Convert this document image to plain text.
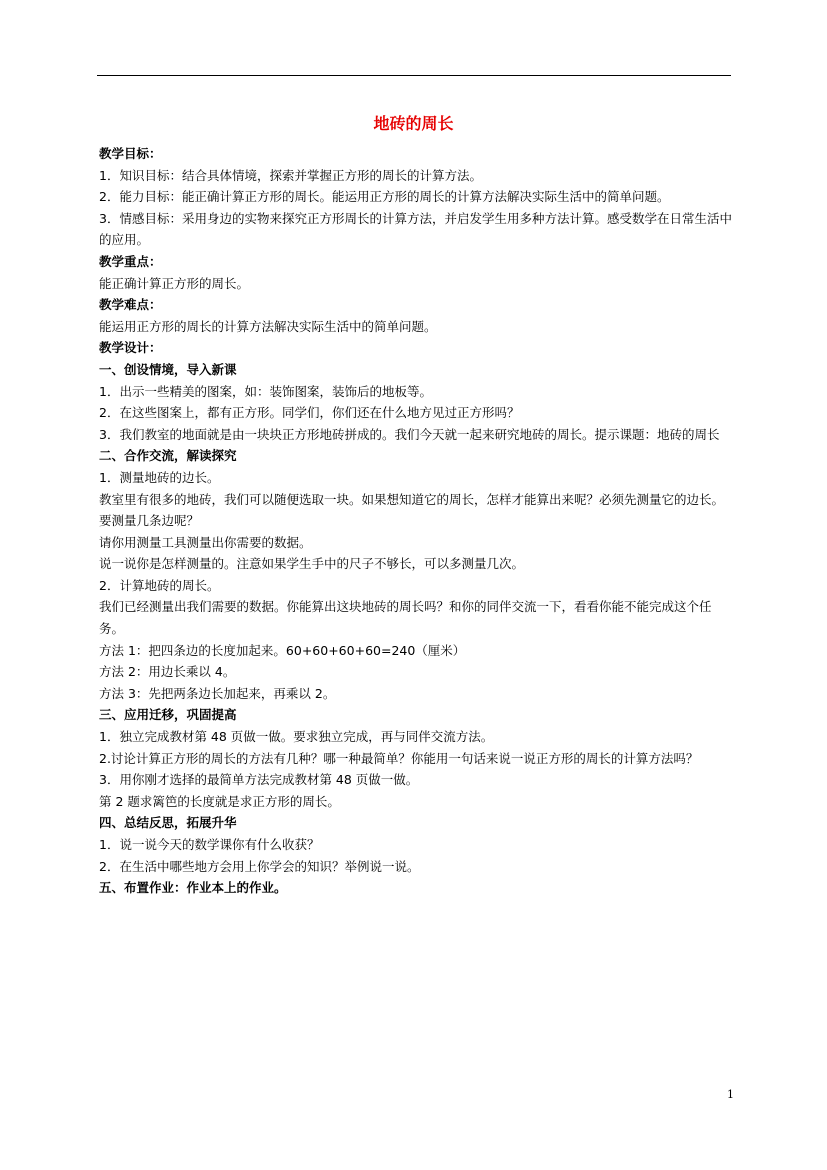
地砖的周长

教学目标：

1．知识目标：结合具体情境，探索并掌握正方形的周长的计算方法。

2．能力目标：能正确计算正方形的周长。能运用正方形的周长的计算方法解决实际生活中的简单问题。

3．情感目标：采用身边的实物来探究正方形周长的计算方法，并启发学生用多种方法计算。感受数学在日常生活中的应用。

教学重点：

能正确计算正方形的周长。

教学难点：

能运用正方形的周长的计算方法解决实际生活中的简单问题。

教学设计：

一、创设情境，导入新课

1．出示一些精美的图案，如：装饰图案，装饰后的地板等。

2．在这些图案上，都有正方形。同学们，你们还在什么地方见过正方形吗？

3．我们教室的地面就是由一块块正方形地砖拼成的。我们今天就一起来研究地砖的周长。提示课题：地砖的周长

二、合作交流，解读探究

1．测量地砖的边长。

教室里有很多的地砖，我们可以随便选取一块。如果想知道它的周长，怎样才能算出来呢？必须先测量它的边长。要测量几条边呢？

请你用测量工具测量出你需要的数据。

说一说你是怎样测量的。注意如果学生手中的尺子不够长，可以多测量几次。

2．计算地砖的周长。

我们已经测量出我们需要的数据。你能算出这块地砖的周长吗？和你的同伴交流一下，看看你能不能完成这个任务。

方法 1：把四条边的长度加起来。60+60+60+60=240（厘米）

方法 2：用边长乘以 4。

方法 3：先把两条边长加起来，再乘以 2。

三、应用迁移，巩固提高

1．独立完成教材第 48 页做一做。要求独立完成，再与同伴交流方法。

2.讨论计算正方形的周长的方法有几种？哪一种最简单？你能用一句话来说一说正方形的周长的计算方法吗？

3．用你刚才选择的最简单方法完成教材第 48 页做一做。

第 2 题求篱笆的长度就是求正方形的周长。

四、总结反思，拓展升华

1．说一说今天的数学课你有什么收获？

2．在生活中哪些地方会用上你学会的知识？举例说一说。

五、布置作业：作业本上的作业。

1
